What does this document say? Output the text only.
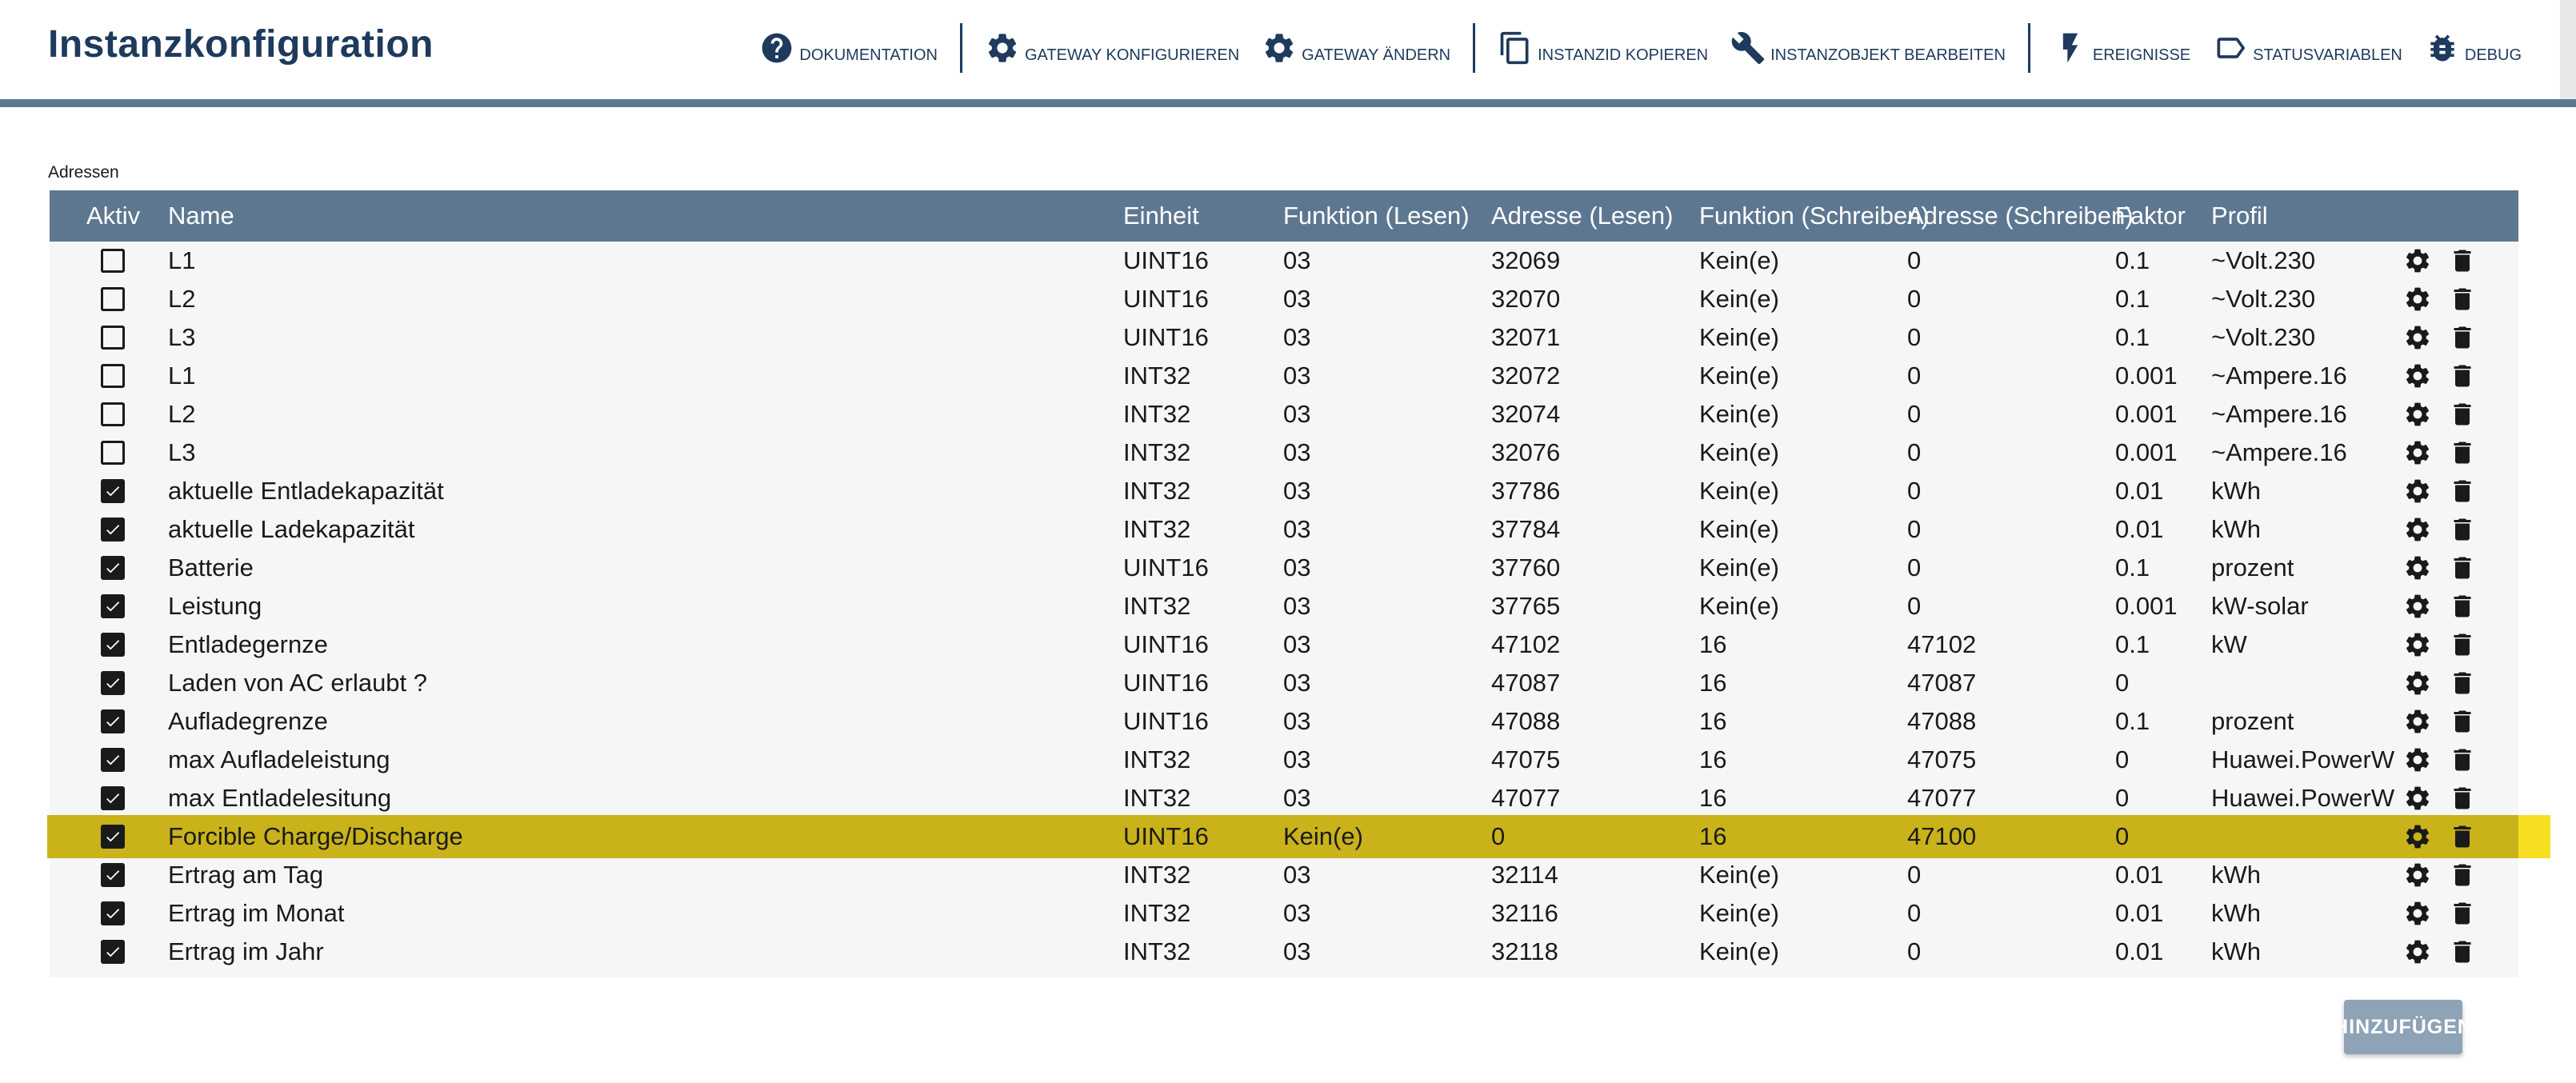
Instanzkonfiguration	DOKUMENTATION	GATEWAY KONFIGURIEREN	GATEWAY ÄNDERN	INSTANZID KOPIEREN	INSTANZOBJEKT BEARBEITEN	EREIGNISSE	STATUSVARIABLEN	DEBUG
Adressen
Aktiv	Name	Einheit	Funktion (Lesen)	Adresse (Lesen)	Funktion (Schreiben)	Adresse (Schreiben)	Faktor	Profil	

	L1	UINT16	03	32069	Kein(e)	0	0.1	~Volt.230	

	L2	UINT16	03	32070	Kein(e)	0	0.1	~Volt.230	

	L3	UINT16	03	32071	Kein(e)	0	0.1	~Volt.230	

	L1	INT32	03	32072	Kein(e)	0	0.001	~Ampere.16	

	L2	INT32	03	32074	Kein(e)	0	0.001	~Ampere.16	

	L3	INT32	03	32076	Kein(e)	0	0.001	~Ampere.16	

	aktuelle Entladekapazität	INT32	03	37786	Kein(e)	0	0.01	kWh	

	aktuelle Ladekapazität	INT32	03	37784	Kein(e)	0	0.01	kWh	

	Batterie	UINT16	03	37760	Kein(e)	0	0.1	prozent	

	Leistung	INT32	03	37765	Kein(e)	0	0.001	kW-solar	

	Entladegernze	UINT16	03	47102	16	47102	0.1	kW	

	Laden von AC erlaubt ?	UINT16	03	47087	16	47087	0		

	Aufladegrenze	UINT16	03	47088	16	47088	0.1	prozent	

	max Aufladeleistung	INT32	03	47075	16	47075	0	Huawei.PowerW	

	max Entladelesitung	INT32	03	47077	16	47077	0	Huawei.PowerW	

	Forcible Charge/Discharge	UINT16	Kein(e)	0	16	47100	0		

	Ertrag am Tag	INT32	03	32114	Kein(e)	0	0.01	kWh	

	Ertrag im Monat	INT32	03	32116	Kein(e)	0	0.01	kWh	

	Ertrag im Jahr	INT32	03	32118	Kein(e)	0	0.01	kWh	
HINZUFÜGEN
